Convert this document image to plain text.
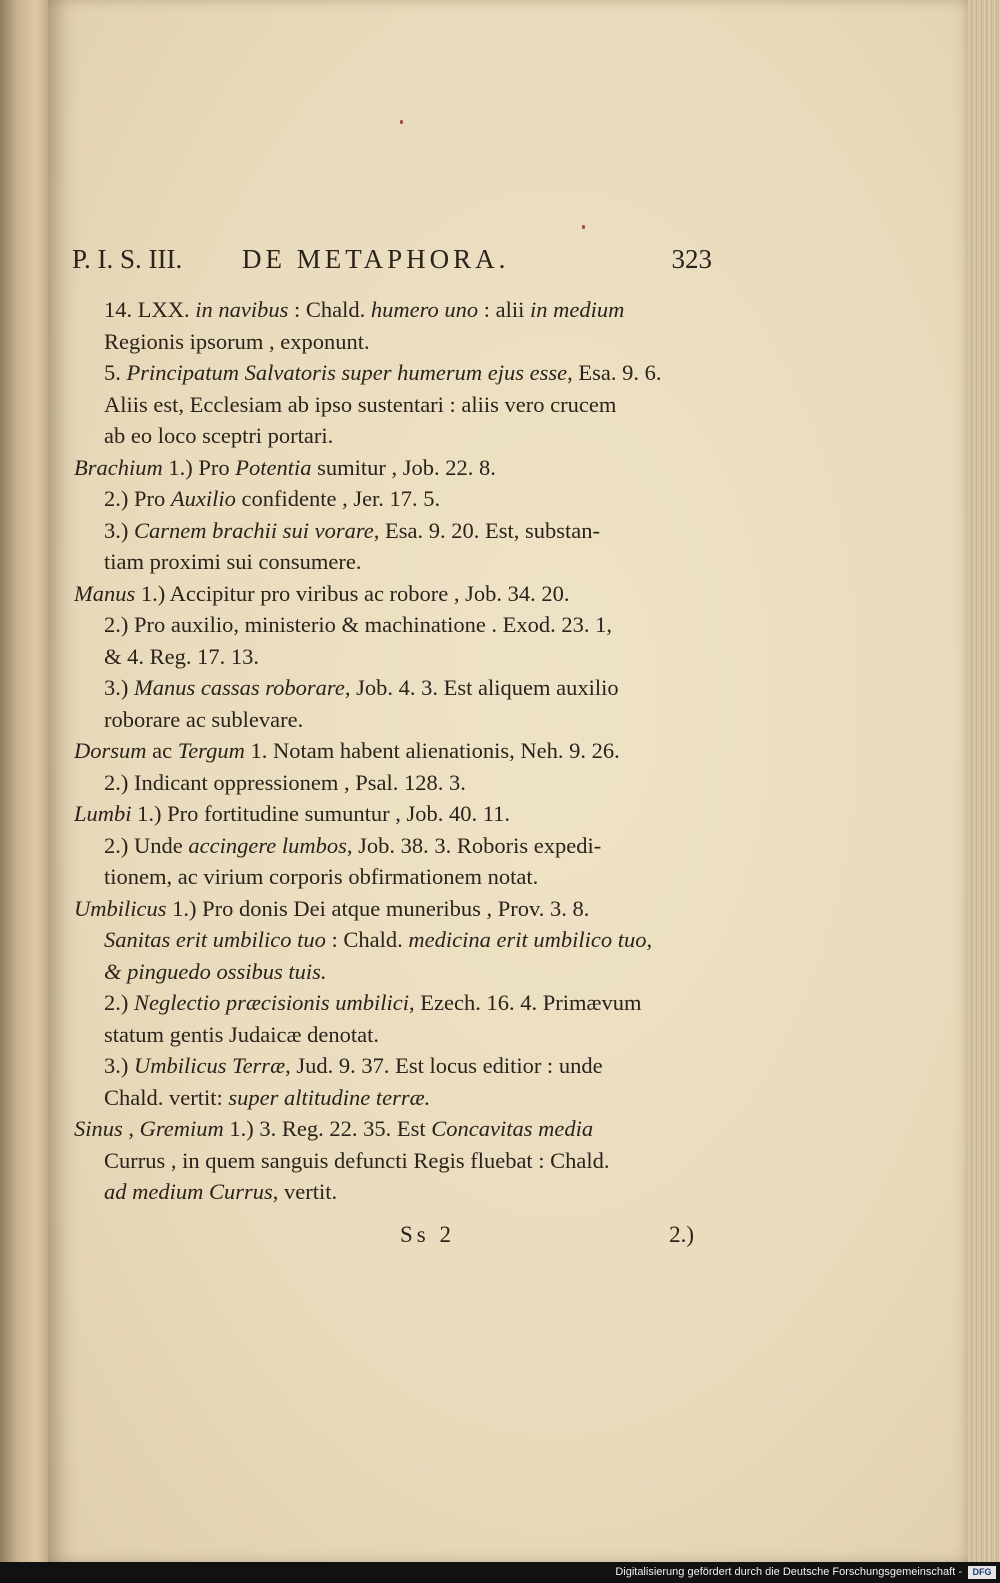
P. I. S. III. DE METAPHORA.	323
14. LXX. in navibus : Chald. humero uno : alii in medium
Regionis ipsorum , exponunt.
5. Principatum Salvatoris super humerum ejus esse, Esa. 9. 6.
Aliis est, Ecclesiam ab ipso sustentari : aliis vero crucem
ab eo loco sceptri portari.
Brachium 1.) Pro Potentia sumitur , Job. 22. 8.
2.) Pro Auxilio confidente , Jer. 17. 5.
3.) Carnem brachii sui vorare, Esa. 9. 20. Est, substan-
tiam proximi sui consumere.
Manus 1.) Accipitur pro viribus ac robore , Job. 34. 20.
2.) Pro auxilio, ministerio & machinatione . Exod. 23. 1,
& 4. Reg. 17. 13.
3.) Manus cassas roborare, Job. 4. 3. Est aliquem auxilio
roborare ac sublevare.
Dorsum ac Tergum 1. Notam habent alienationis, Neh. 9. 26.
2.) Indicant oppressionem , Psal. 128. 3.
Lumbi 1.) Pro fortitudine sumuntur , Job. 40. 11.
2.) Unde accingere lumbos, Job. 38. 3. Roboris expedi-
tionem, ac virium corporis obfirmationem notat.
Umbilicus 1.) Pro donis Dei atque muneribus , Prov. 3. 8.
Sanitas erit umbilico tuo : Chald. medicina erit umbilico tuo,
& pinguedo ossibus tuis.
2.) Neglectio præcisionis umbilici, Ezech. 16. 4. Primævum
statum gentis Judaicæ denotat.
3.) Umbilicus Terræ, Jud. 9. 37. Est locus editior : unde
Chald. vertit: super altitudine terræ.
Sinus , Gremium 1.) 3. Reg. 22. 35. Est Concavitas media
Currus , in quem sanguis defuncti Regis fluebat : Chald.
ad medium Currus, vertit.
Ss 2	2.)
Digitalisierung gefördert durch die Deutsche Forschungsgemeinschaft -	DFG
